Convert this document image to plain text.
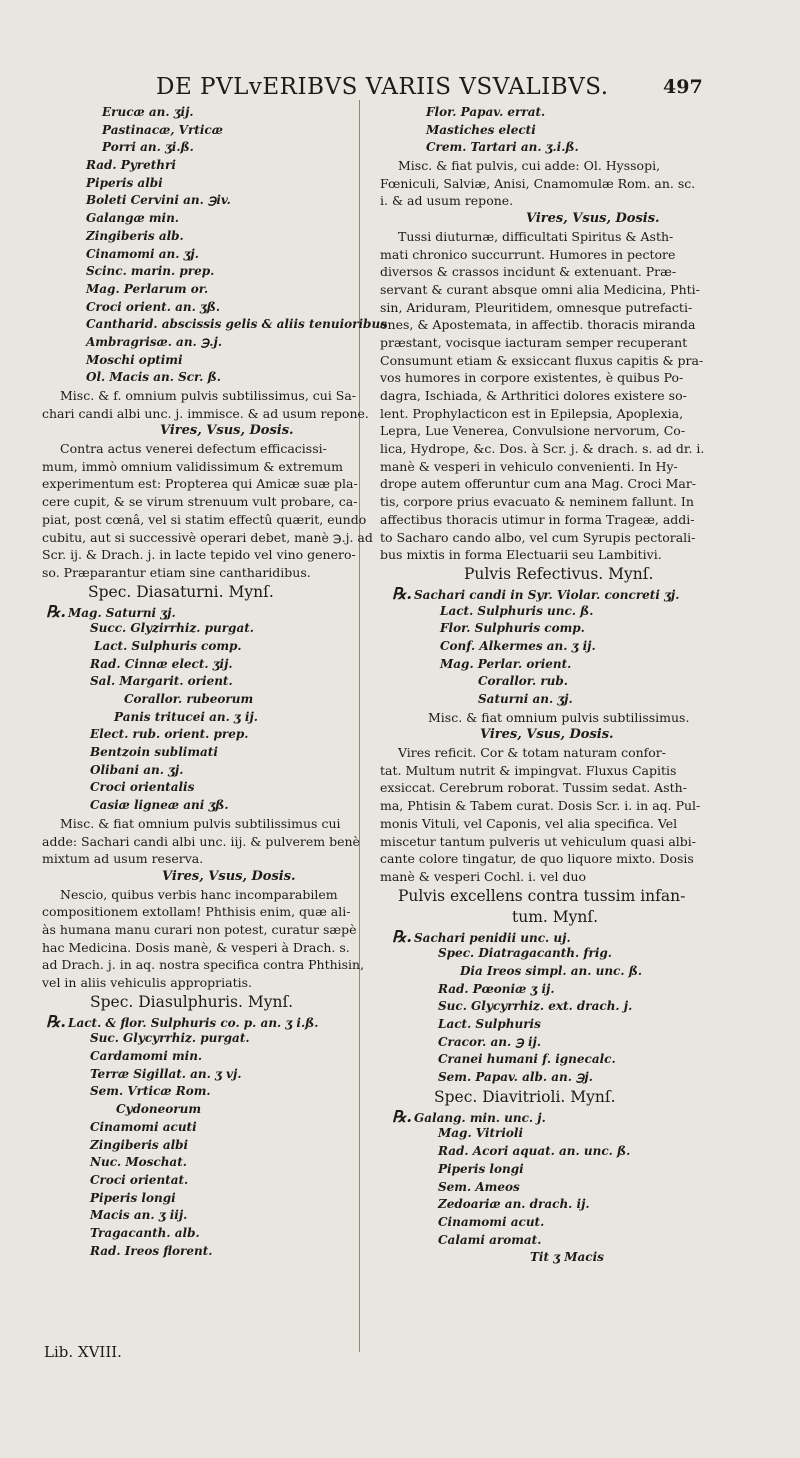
DE PVLvERIBVS VARIIS VSVALIBVS.	497
Erucæ an. ʒij.
Pastinacæ, Vrticæ
Porri an. ʒi.ß.
Rad. Pyrethri
Piperis albi
Boleti Cervini an. ℈iv.
Galangæ min.
Zingiberis alb.
Cinamomi an. ʒj.
Scinc. marin. prep.
Mag. Perlarum or.
Croci orient. an. ʒß.
Cantharid. abscissis gelis & aliis tenuioribus
Ambragrisæ. an. ℈.j.
Moschi optimi
Ol. Macis an. Scr. ß.
Misc. & f. omnium pulvis subtilissimus, cui Sa-
chari candi albi unc. j. immisce. & ad usum repone.
Vires, Vsus, Dosis.
Contra actus venerei defectum efficacissi-
mum, immò omnium validissimum & extremum
experimentum est: Propterea qui Amicæ suæ pla-
cere cupit, & se virum strenuum vult probare, ca-
piat, post cœnâ, vel si statim effectû quærit, eundo
cubitu, aut si successivè operari debet, manè ℈.j. ad
Scr. ij. & Drach. j. in lacte tepido vel vino genero-
so. Præparantur etiam sine cantharidibus.
Spec. Diasaturni. Mynſ.
℞. Mag. Saturni ʒj.
Succ. Glyzirrhiz. purgat.
Lact. Sulphuris comp.
Rad. Cinnæ elect. ʒij.
Sal. Margarit. orient.
Corallor. rubeorum
Panis tritucei an. ʒ ij.
Elect. rub. orient. prep.
Bentzoin sublimati
Olibani an. ʒj.
Croci orientalis
Casiæ ligneæ ani ʒß.
Misc. & fiat omnium pulvis subtilissimus cui
adde: Sachari candi albi unc. iij. & pulverem benè
mixtum ad usum reserva.
Vires, Vsus, Dosis.
Nescio, quibus verbis hanc incomparabilem
compositionem extollam! Phthisis enim, quæ ali-
às humana manu curari non potest, curatur sæpè
hac Medicina. Dosis manè, & vesperi à Drach. s.
ad Drach. j. in aq. nostra specifica contra Phthisin,
vel in aliis vehiculis appropriatis.
Spec. Diasulphuris. Mynſ.
℞. Lact. & flor. Sulphuris co. p. an. ʒ i.ß.
Suc. Glycyrrhiz. purgat.
Cardamomi min.
Terræ Sigillat. an. ʒ vj.
Sem. Vrticæ Rom.
Cydoneorum
Cinamomi acuti
Zingiberis albi
Nuc. Moschat.
Croci orientat.
Piperis longi
Macis an. ʒ iij.
Tragacanth. alb.
Rad. Ireos florent.
Flor. Papav. errat.
Mastiches electi
Crem. Tartari an. ʒ.i.ß.
Misc. & fiat pulvis, cui adde: Ol. Hyssopi,
Fœniculi, Salviæ, Anisi, Cnamomulæ Rom. an. sc.
i. & ad usum repone.
Vires, Vsus, Dosis.
Tussi diuturnæ, difficultati Spiritus & Asth-
mati chronico succurrunt. Humores in pectore
diversos & crassos incidunt & extenuant. Præ-
servant & curant absque omni alia Medicina, Phti-
sin, Ariduram, Pleuritidem, omnesque putrefacti-
ones, & Apostemata, in affectib. thoracis miranda
præstant, vocisque iacturam semper recuperant
Consumunt etiam & exsiccant fluxus capitis & pra-
vos humores in corpore existentes, è quibus Po-
dagra, Ischiada, & Arthritici dolores existere so-
lent. Prophylacticon est in Epilepsia, Apoplexia,
Lepra, Lue Venerea, Convulsione nervorum, Co-
lica, Hydrope, &c. Dos. à Scr. j. & drach. s. ad dr. i.
manè & vesperi in vehiculo convenienti. In Hy-
drope autem offeruntur cum ana Mag. Croci Mar-
tis, corpore prius evacuato & neminem fallunt. In
affectibus thoracis utimur in forma Trageæ, addi-
to Sacharo cando albo, vel cum Syrupis pectorali-
bus mixtis in forma Electuarii seu Lambitivi.
Pulvis Refectivus. Mynſ.
℞. Sachari candi in Syr. Violar. concreti ʒj.
Lact. Sulphuris unc. ß.
Flor. Sulphuris comp.
Conf. Alkermes an. ʒ ij.
Mag. Perlar. orient.
Corallor. rub.
Saturni an. ʒj.
Misc. & fiat omnium pulvis subtilissimus.
Vires, Vsus, Dosis.
Vires reficit. Cor & totam naturam confor-
tat. Multum nutrit & impingvat. Fluxus Capitis
exsiccat. Cerebrum roborat. Tussim sedat. Asth-
ma, Phtisin & Tabem curat. Dosis Scr. i. in aq. Pul-
monis Vituli, vel Caponis, vel alia specifica. Vel
miscetur tantum pulveris ut vehiculum quasi albi-
cante colore tingatur, de quo liquore mixto. Dosis
manè & vesperi Cochl. i. vel duo
Pulvis excellens contra tussim infan-
tum. Mynſ.
℞. Sachari penidii unc. uj.
Spec. Diatragacanth. frig.
Dia Ireos simpl. an. unc. ß.
Rad. Pœoniæ ʒ ij.
Suc. Glycyrrhiz. ext. drach. j.
Lact. Sulphuris
Cracor. an. ℈ ij.
Cranei humani f. ignecalc.
Sem. Papav. alb. an. ℈j.
Spec. Diavitrioli. Mynſ.
℞. Galang. min. unc. j.
Mag. Vitrioli
Rad. Acori aquat. an. unc. ß.
Piperis longi
Sem. Ameos
Zedoariæ an. drach. ij.
Cinamomi acut.
Calami aromat.
Tit ʒ Macis
Lib. XVIII.
